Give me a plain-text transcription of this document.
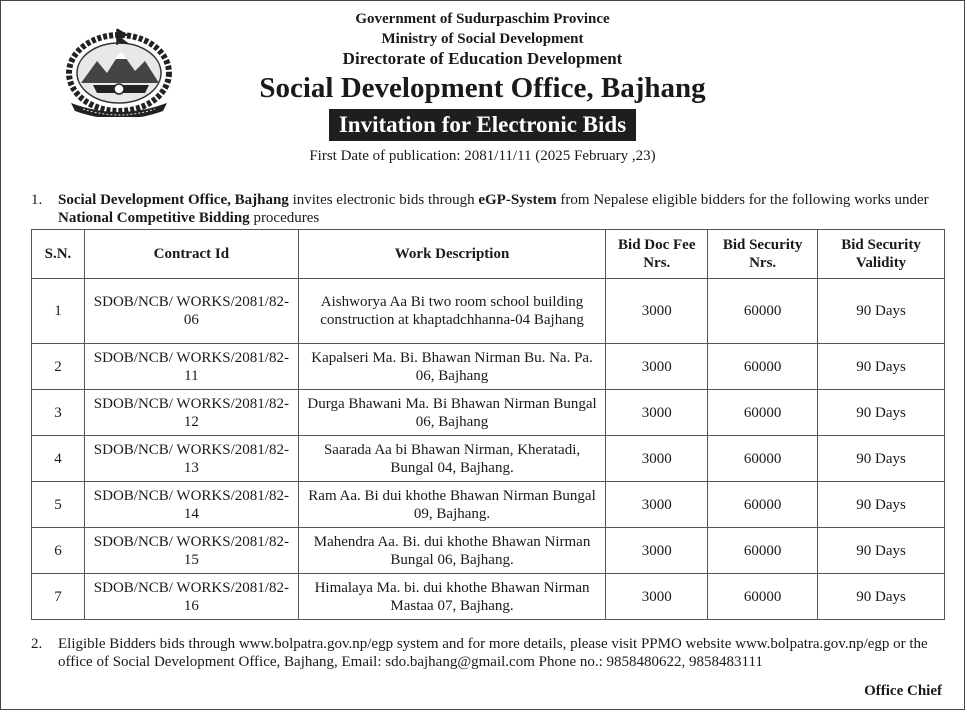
Government of Sudurpaschim Province
Ministry of Social Development
Directorate of Education Development
Social Development Office, Bajhang
Invitation for Electronic Bids
First Date of publication: 2081/11/11 (2025 February ,23)
1. Social Development Office, Bajhang invites electronic bids through eGP-System from Nepalese eligible bidders for the following works under National Competitive Bidding procedures
S.N.	Contract Id	Work Description	Bid Doc Fee Nrs.	Bid Security Nrs.	Bid Security Validity
1	SDOB/NCB/ WORKS/2081/82-06	Aishworya Aa Bi two room school building construction at khaptadchhanna-04 Bajhang	3000	60000	90 Days
2	SDOB/NCB/ WORKS/2081/82-11	Kapalseri Ma. Bi. Bhawan Nirman Bu. Na. Pa. 06, Bajhang	3000	60000	90 Days
3	SDOB/NCB/ WORKS/2081/82-12	Durga Bhawani Ma. Bi Bhawan Nirman Bungal 06, Bajhang	3000	60000	90 Days
4	SDOB/NCB/ WORKS/2081/82-13	Saarada Aa bi Bhawan Nirman, Kheratadi, Bungal 04, Bajhang.	3000	60000	90 Days
5	SDOB/NCB/ WORKS/2081/82-14	Ram Aa. Bi dui khothe Bhawan Nirman Bungal 09, Bajhang.	3000	60000	90 Days
6	SDOB/NCB/ WORKS/2081/82-15	Mahendra Aa. Bi. dui khothe Bhawan Nirman Bungal 06, Bajhang.	3000	60000	90 Days
7	SDOB/NCB/ WORKS/2081/82-16	Himalaya Ma. bi. dui khothe Bhawan Nirman Mastaa 07, Bajhang.	3000	60000	90 Days
2. Eligible Bidders bids through www.bolpatra.gov.np/egp system and for more details, please visit PPMO website www.bolpatra.gov.np/egp or the office of Social Development Office, Bajhang, Email: sdo.bajhang@gmail.com Phone no.: 9858480622, 9858483111
Office Chief
